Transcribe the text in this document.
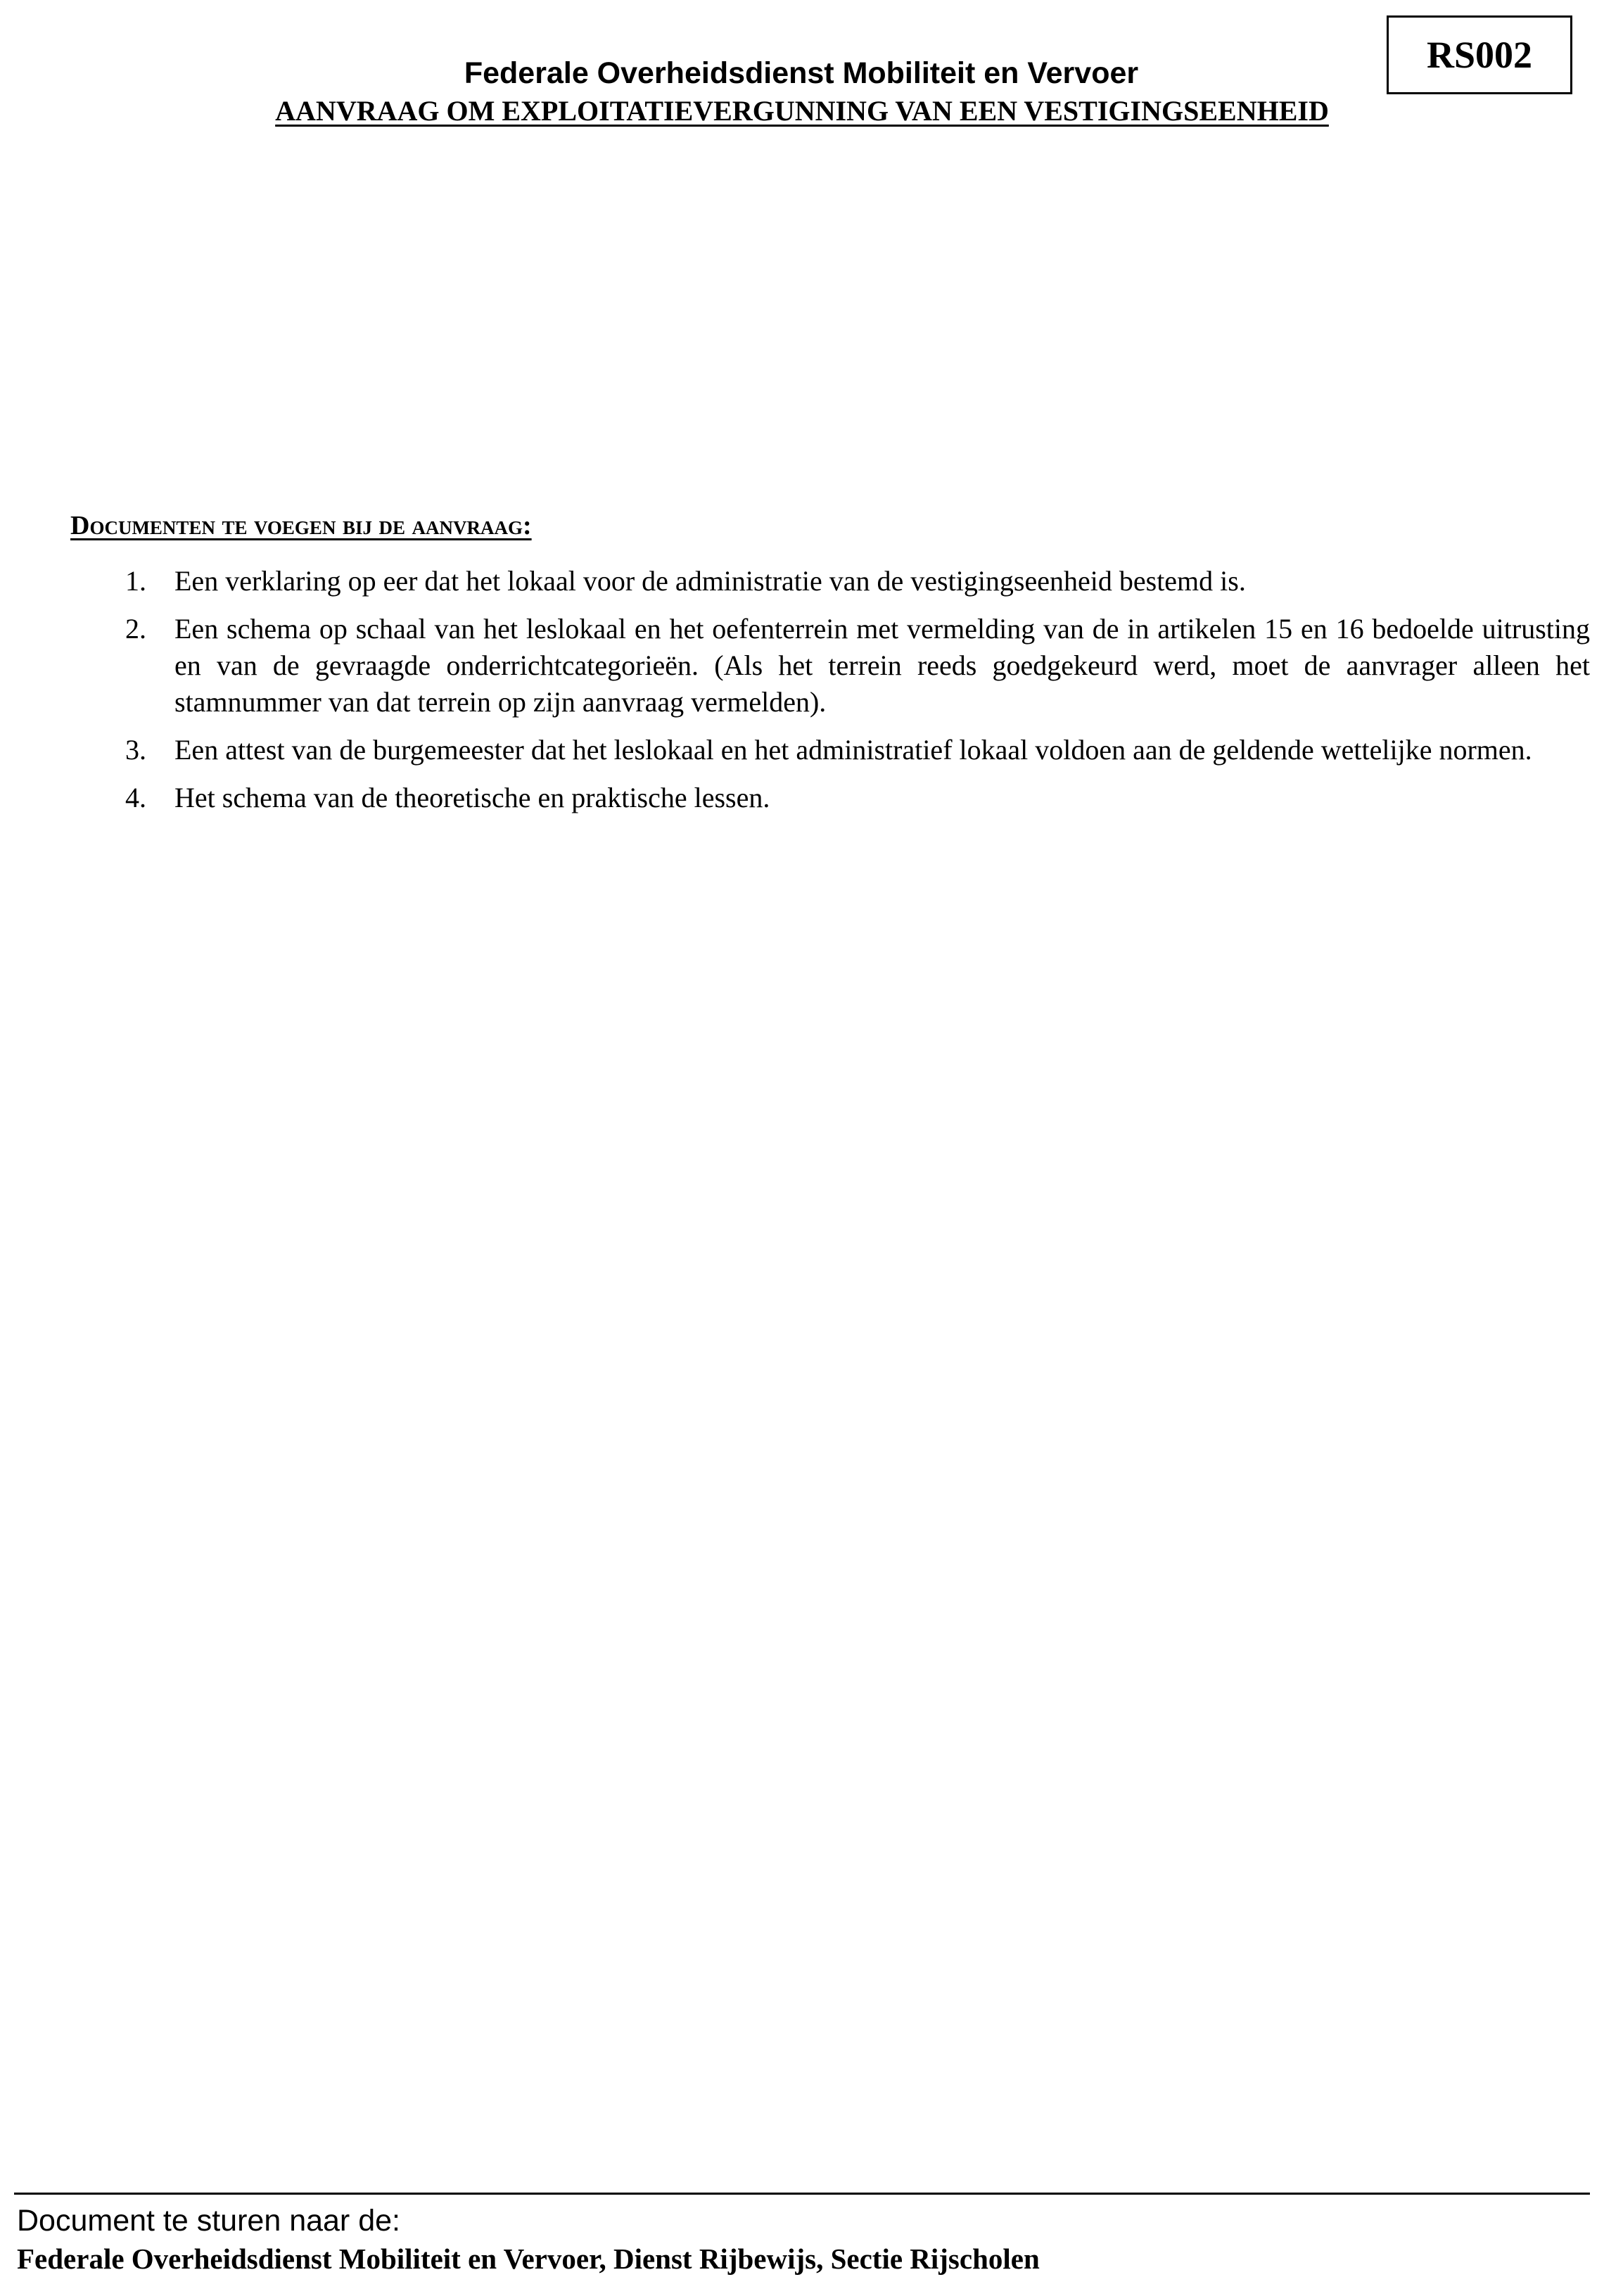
RS002
Federale Overheidsdienst Mobiliteit en Vervoer
AANVRAAG OM EXPLOITATIEVERGUNNING VAN EEN VESTIGINGSEENHEID
Documenten te voegen bij de aanvraag:
1. Een verklaring op eer dat het lokaal voor de administratie van de vestigingseenheid bestemd is.
2. Een schema op schaal van het leslokaal en het oefenterrein met vermelding van de in artikelen 15 en 16 bedoelde uitrusting en van de gevraagde onderrichtcategorieën. (Als het terrein reeds goedgekeurd werd, moet de aanvrager alleen het stamnummer van dat terrein op zijn aanvraag vermelden).
3. Een attest van de burgemeester dat het leslokaal en het administratief lokaal voldoen aan de geldende wettelijke normen.
4. Het schema van de theoretische en praktische lessen.
Document te sturen naar de:
Federale Overheidsdienst Mobiliteit en Vervoer, Dienst Rijbewijs, Sectie Rijscholen
